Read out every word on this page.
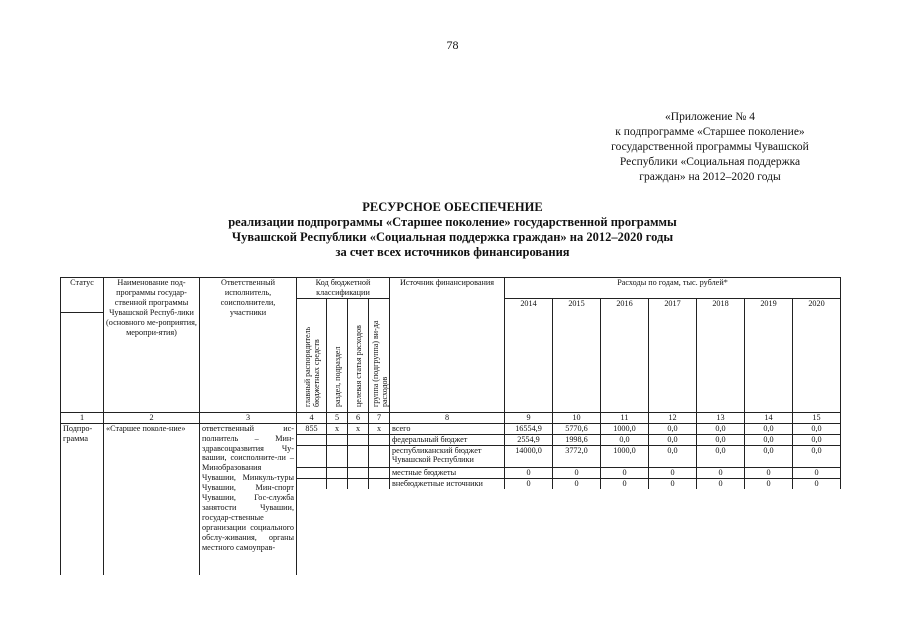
78
«Приложение № 4
к подпрограмме «Старшее поколение»
государственной программы Чувашской
Республики «Социальная поддержка
граждан» на 2012–2020 годы
РЕСУРСНОЕ ОБЕСПЕЧЕНИЕ
реализации подпрограммы «Старшее поколение» государственной программы
Чувашской Республики «Социальная поддержка граждан» на 2012–2020 годы
за счет всех источников финансирования
Статус	Наименование под-программы государ-ственной программы Чувашской Респуб-лики (основного ме-роприятия, меропри-ятия)	Ответственный исполнитель, соисполнители, участники	Код бюджетной классификации				Источник финансирования	Расходы по годам, тыс. рублей*						

			главный распорядитель бюджетных средств	раздел, подраздел	целевая статья расходов	группа (подгруппа) ви-да расходов		2014	2015	2016	2017	2018	2019	2020

1	2	3	4	5	6	7	8	9	10	11	12	13	14	15
Подпро-грамма	«Старшее поколе-ние»	ответственный ис-полнитель – Мин-здравсоцразвития Чу-вашии, соисполните-ли – Минобразования Чувашии, Минкуль-туры Чувашии, Мин-спорт Чувашии, Гос-служба занятости Чувашии, государ-ственные организации социального обслу-живания, органы местного самоуправ-	855	х	х	х	всего	16554,9	5770,6	1000,0	0,0	0,0	0,0	0,0
							федеральный бюджет	2554,9	1998,6	0,0	0,0	0,0	0,0	0,0
							республиканский бюджет Чувашской Республики	14000,0	3772,0	1000,0	0,0	0,0	0,0	0,0
							местные бюджеты	0	0	0	0	0	0	0
							внебюджетные источники	0	0	0	0	0	0	0
